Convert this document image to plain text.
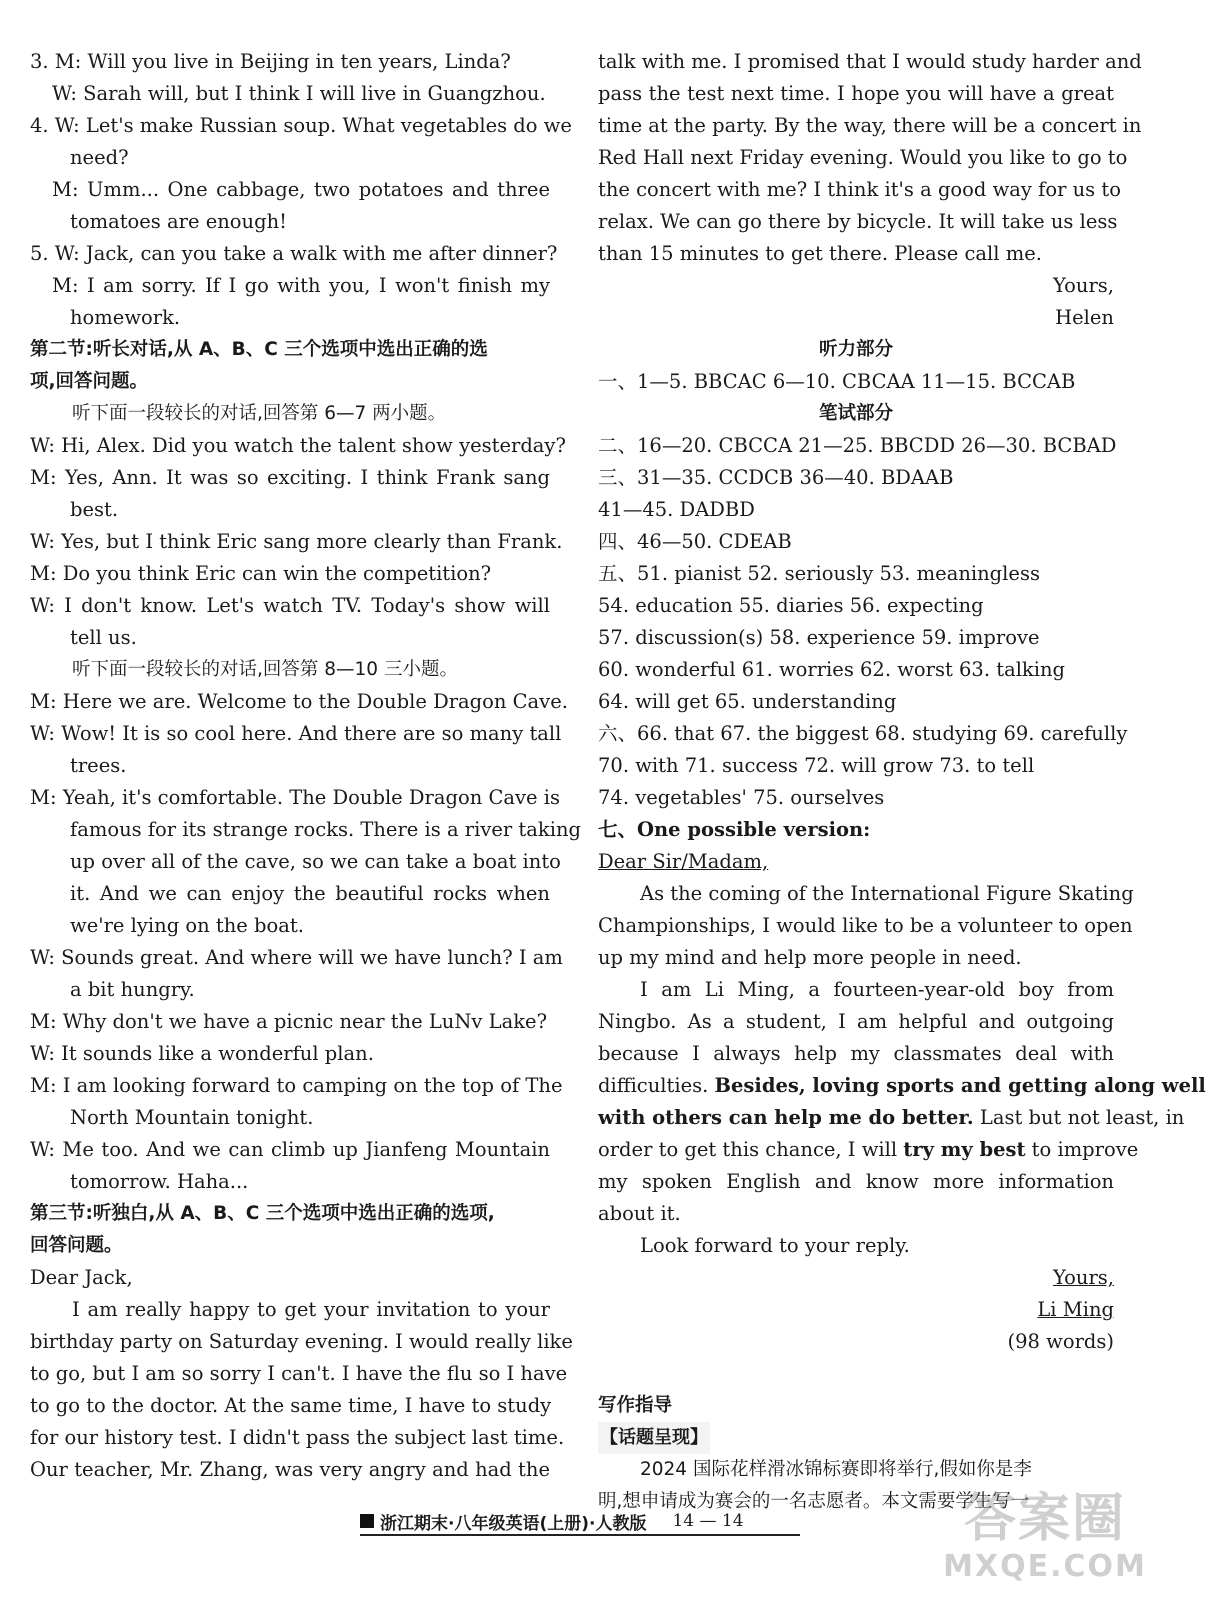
3. M: Will you live in Beijing in ten years, Linda?
W: Sarah will, but I think I will live in Guangzhou.
4. W: Let's make Russian soup. What vegetables do we
need?
M: Umm... One cabbage, two potatoes and three
tomatoes are enough!
5. W: Jack, can you take a walk with me after dinner?
M: I am sorry. If I go with you, I won't finish my
homework.
第二节:听长对话,从 A、B、C 三个选项中选出正确的选
项,回答问题。
听下面一段较长的对话,回答第 6—7 两小题。
W: Hi, Alex. Did you watch the talent show yesterday?
M: Yes, Ann. It was so exciting. I think Frank sang
best.
W: Yes, but I think Eric sang more clearly than Frank.
M: Do you think Eric can win the competition?
W: I don't know. Let's watch TV. Today's show will
tell us.
听下面一段较长的对话,回答第 8—10 三小题。
M: Here we are. Welcome to the Double Dragon Cave.
W: Wow! It is so cool here. And there are so many tall
trees.
M: Yeah, it's comfortable. The Double Dragon Cave is
famous for its strange rocks. There is a river taking
up over all of the cave, so we can take a boat into
it. And we can enjoy the beautiful rocks when
we're lying on the boat.
W: Sounds great. And where will we have lunch? I am
a bit hungry.
M: Why don't we have a picnic near the LuNv Lake?
W: It sounds like a wonderful plan.
M: I am looking forward to camping on the top of The
North Mountain tonight.
W: Me too. And we can climb up Jianfeng Mountain
tomorrow. Haha...
第三节:听独白,从 A、B、C 三个选项中选出正确的选项,
回答问题。
Dear Jack,
I am really happy to get your invitation to your
birthday party on Saturday evening. I would really like
to go, but I am so sorry I can't. I have the flu so I have
to go to the doctor. At the same time, I have to study
for our history test. I didn't pass the subject last time.
Our teacher, Mr. Zhang, was very angry and had the
talk with me. I promised that I would study harder and
pass the test next time. I hope you will have a great
time at the party. By the way, there will be a concert in
Red Hall next Friday evening. Would you like to go to
the concert with me? I think it's a good way for us to
relax. We can go there by bicycle. It will take us less
than 15 minutes to get there. Please call me.
Yours,
Helen
听力部分
一、1—5. BBCAC 6—10. CBCAA 11—15. BCCAB
笔试部分
二、16—20. CBCCA 21—25. BBCDD 26—30. BCBAD
三、31—35. CCDCB 36—40. BDAAB
41—45. DADBD
四、46—50. CDEAB
五、51. pianist 52. seriously 53. meaningless
54. education 55. diaries 56. expecting
57. discussion(s) 58. experience 59. improve
60. wonderful 61. worries 62. worst 63. talking
64. will get 65. understanding
六、66. that 67. the biggest 68. studying 69. carefully
70. with 71. success 72. will grow 73. to tell
74. vegetables' 75. ourselves
七、One possible version:
Dear Sir/Madam,
As the coming of the International Figure Skating
Championships, I would like to be a volunteer to open
up my mind and help more people in need.
I am Li Ming, a fourteen-year-old boy from
Ningbo. As a student, I am helpful and outgoing
because I always help my classmates deal with
difficulties. Besides, loving sports and getting along well
with others can help me do better. Last but not least, in
order to get this chance, I will try my best to improve
my spoken English and know more information
about it.
Look forward to your reply.
Yours,
Li Ming
(98 words)
写作指导
【话题呈现】
2024 国际花样滑冰锦标赛即将举行,假如你是李
明,想申请成为赛会的一名志愿者。本文需要学生写一
浙江期末·八年级英语(上册)·人教版 14 — 14	答案圈
MXQE.COM
